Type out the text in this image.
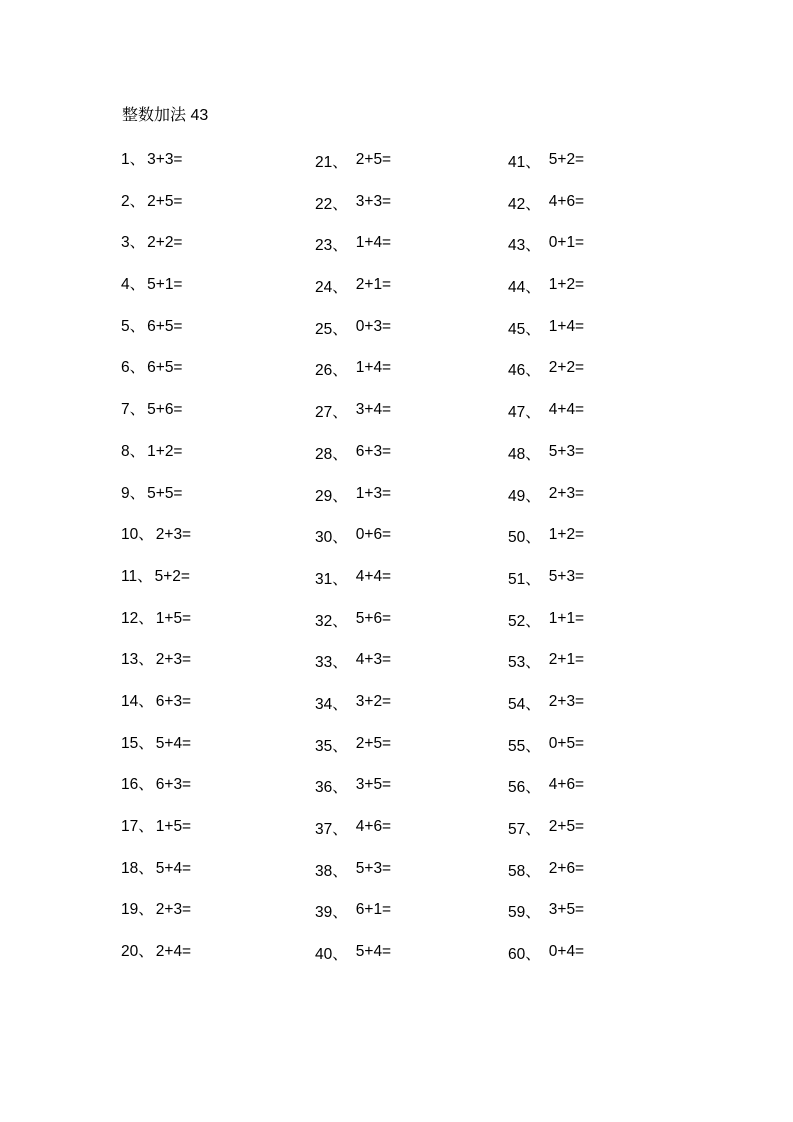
整数加法 43
1、 3+3=
2、 2+5=
3、 2+2=
4、 5+1=
5、 6+5=
6、 6+5=
7、 5+6=
8、 1+2=
9、 5+5=
10、 2+3=
11、 5+2=
12、 1+5=
13、 2+3=
14、 6+3=
15、 5+4=
16、 6+3=
17、 1+5=
18、 5+4=
19、 2+3=
20、 2+4=
21、 2+5=
22、 3+3=
23、 1+4=
24、 2+1=
25、 0+3=
26、 1+4=
27、 3+4=
28、 6+3=
29、 1+3=
30、 0+6=
31、 4+4=
32、 5+6=
33、 4+3=
34、 3+2=
35、 2+5=
36、 3+5=
37、 4+6=
38、 5+3=
39、 6+1=
40、 5+4=
41、 5+2=
42、 4+6=
43、 0+1=
44、 1+2=
45、 1+4=
46、 2+2=
47、 4+4=
48、 5+3=
49、 2+3=
50、 1+2=
51、 5+3=
52、 1+1=
53、 2+1=
54、 2+3=
55、 0+5=
56、 4+6=
57、 2+5=
58、 2+6=
59、 3+5=
60、 0+4=
